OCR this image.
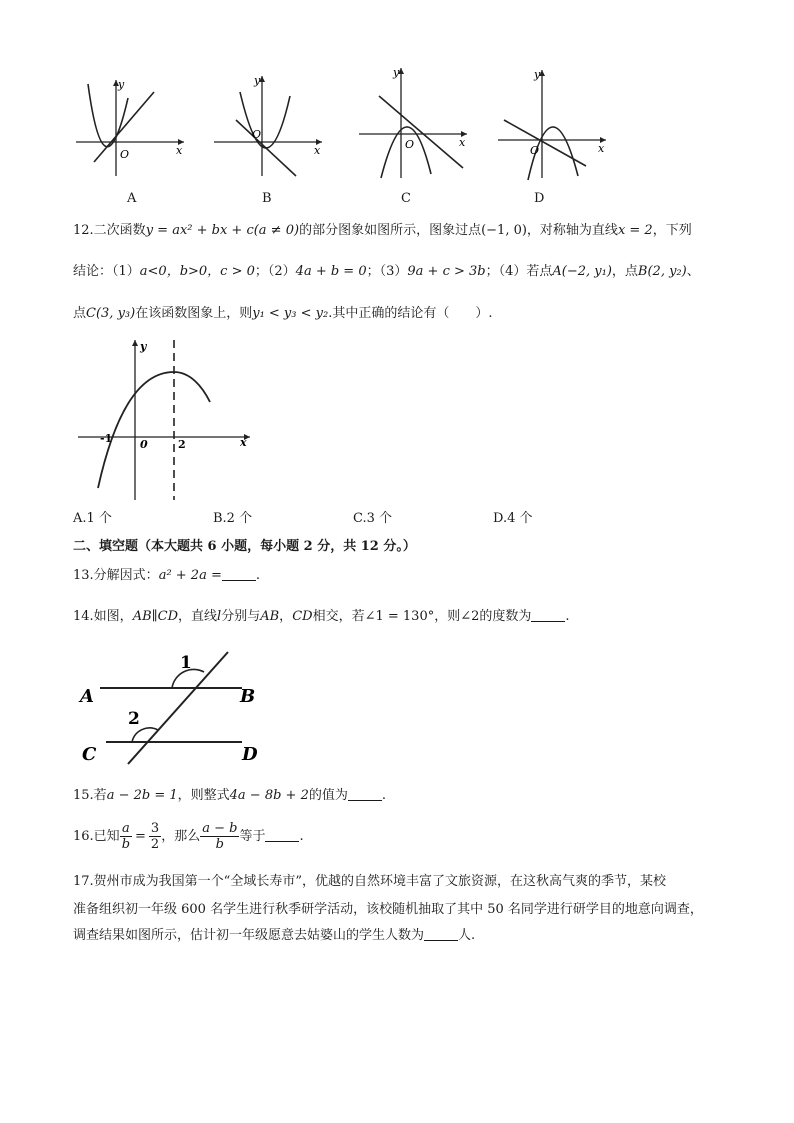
y
x
O
A
y
x
O
B
y
x
O
C
y
x
O
D
12.二次函数y = ax² + bx + c(a ≠ 0)的部分图象如图所示，图象过点(−1, 0)，对称轴为直线x = 2，下列
结论：（1）a<0，b>0，c > 0；（2）4a + b = 0；（3）9a + c > 3b；（4）若点A(−2, y₁)，点B(2, y₂)、
点C(3, y₃)在该函数图象上，则y₁ < y₃ < y₂.其中正确的结论有（　　）.
y
x
0
-1	2
A.1 个	B.2 个	C.3 个	D.4 个
二、填空题（本大题共 6 小题，每小题 2 分，共 12 分。）
13.分解因式：a² + 2a =	.
14.如图，AB∥CD，直线l分别与AB，CD相交，若∠1 = 130°，则∠2的度数为	.
1
2
A	B
C	D
15.若a − 2b = 1，则整式4a − 8b + 2的值为	.
16.已知 $\frac{a}{b} = \frac{3}{2}$ ，那么 $\frac{a - b}{b}$ 等于	.
17.贺州市成为我国第一个“全域长寿市”，优越的自然环境丰富了文旅资源，在这秋高气爽的季节，某校
准备组织初一年级 600 名学生进行秋季研学活动，该校随机抽取了其中 50 名同学进行研学目的地意向调查，
调查结果如图所示，估计初一年级愿意去姑婆山的学生人数为	人.
